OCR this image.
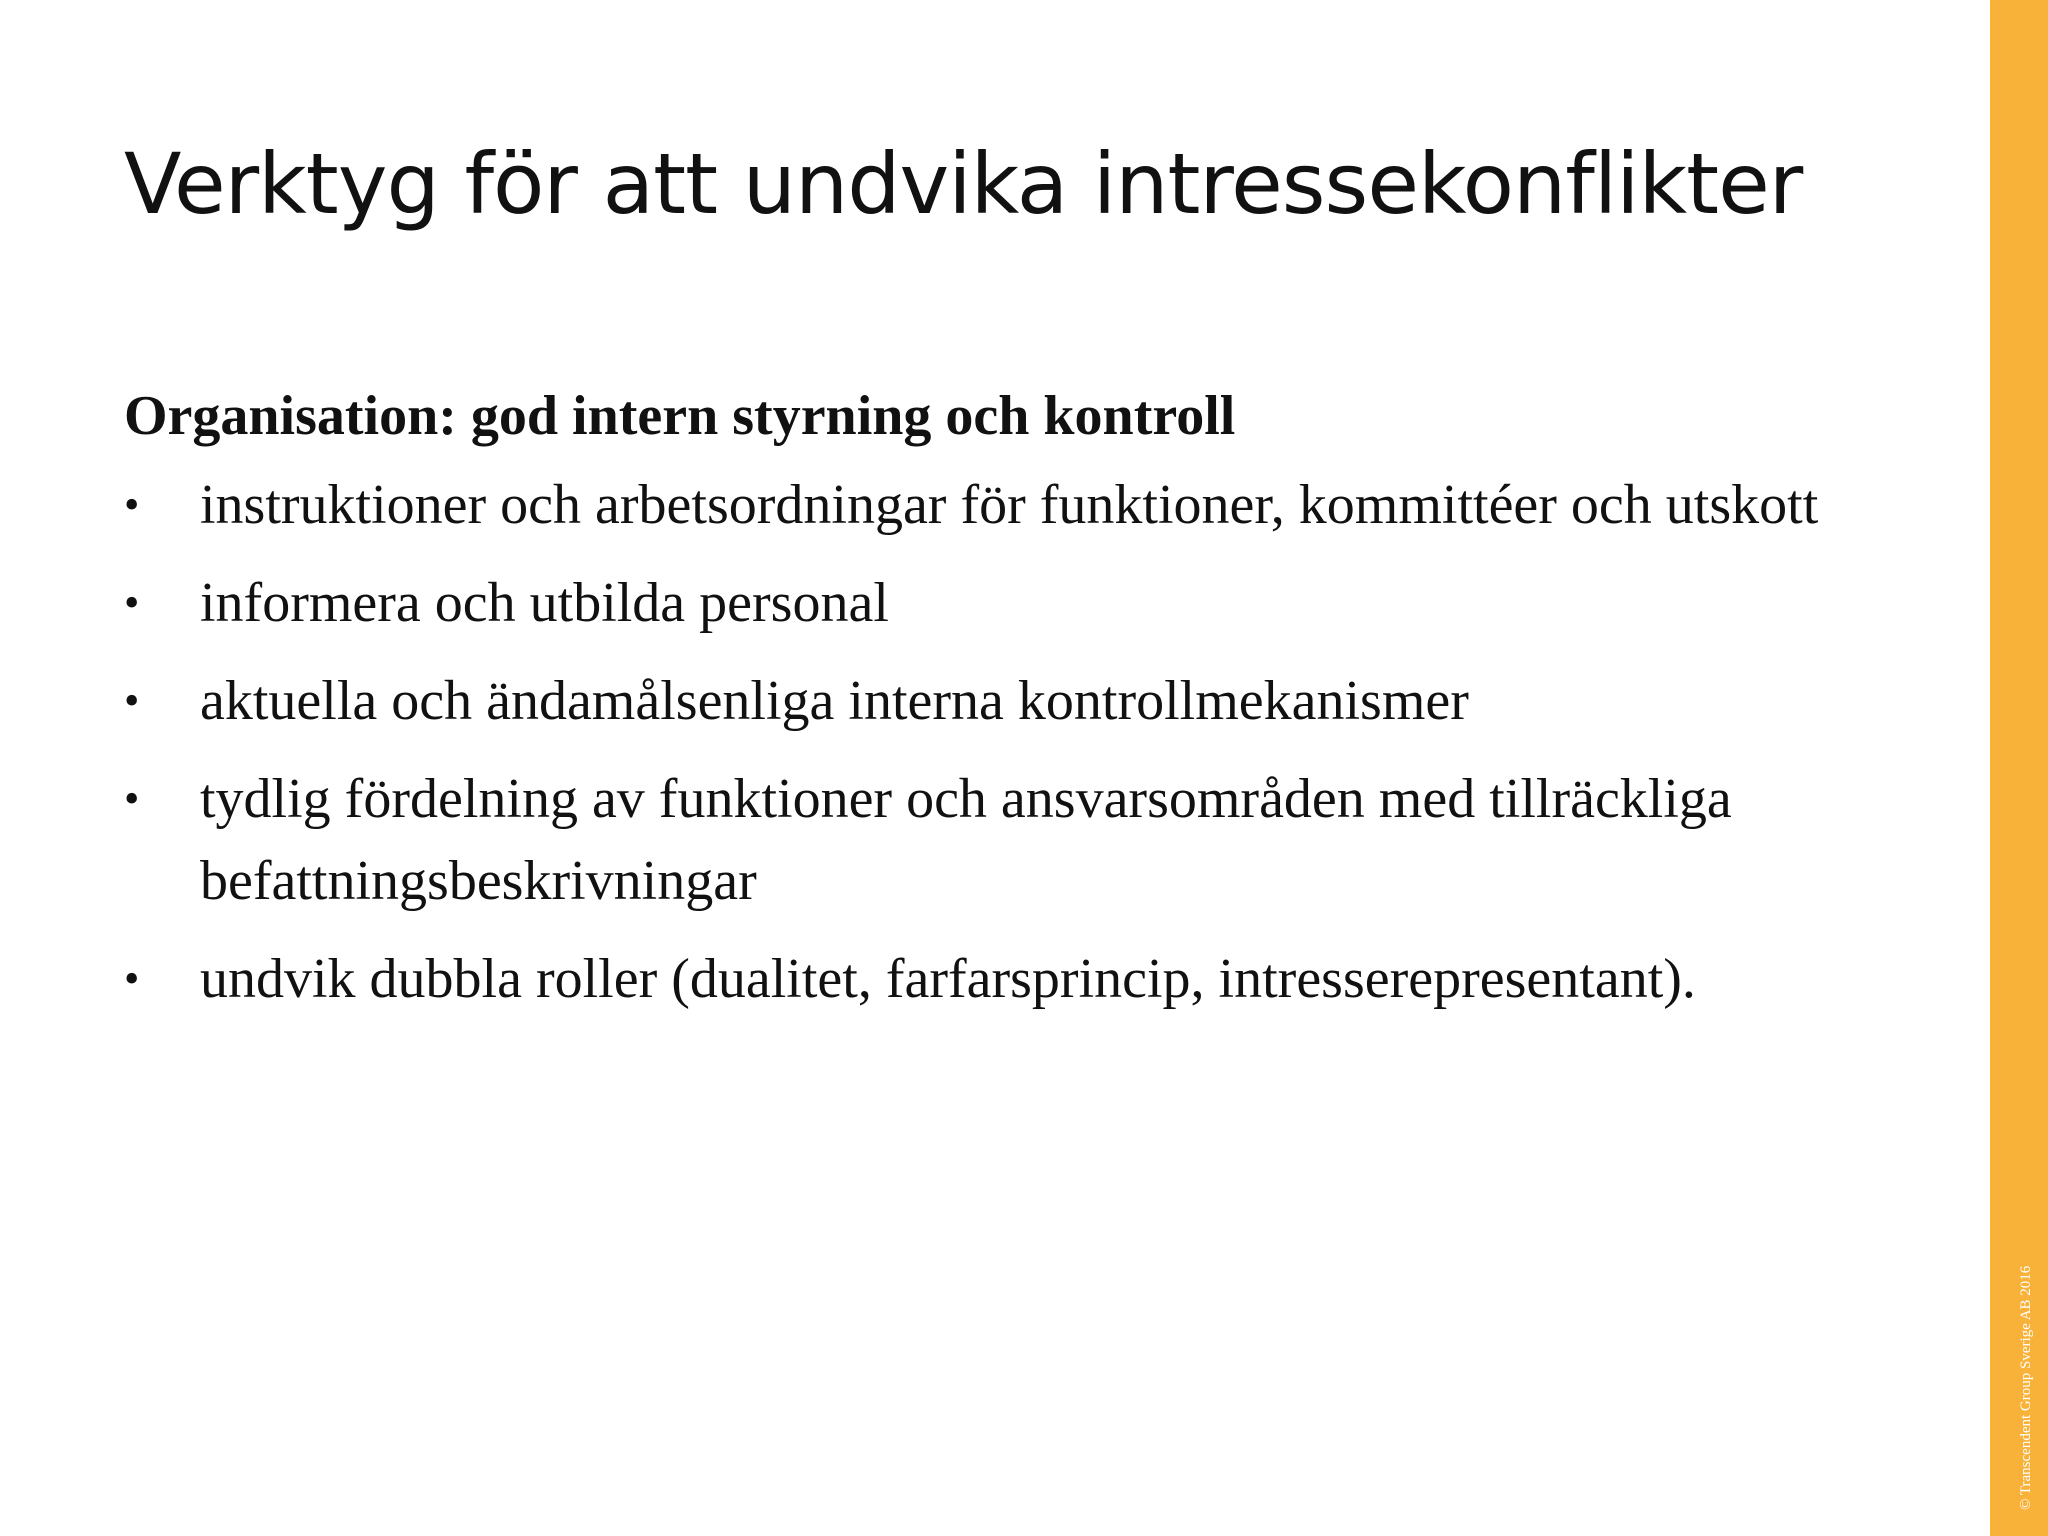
Verktyg för att undvika intressekonflikter

Organisation: god intern styrning och kontroll

•	instruktioner och arbetsordningar för funktioner, kommittéer och utskott
•	informera och utbilda personal
•	aktuella och ändamålsenliga interna kontrollmekanismer
•	tydlig fördelning av funktioner och ansvarsområden med tillräckliga befattningsbeskrivningar
•	undvik dubbla roller (dualitet, farfarsprincip, intresserepresentant).
© Transcendent Group Sverige AB 2016
